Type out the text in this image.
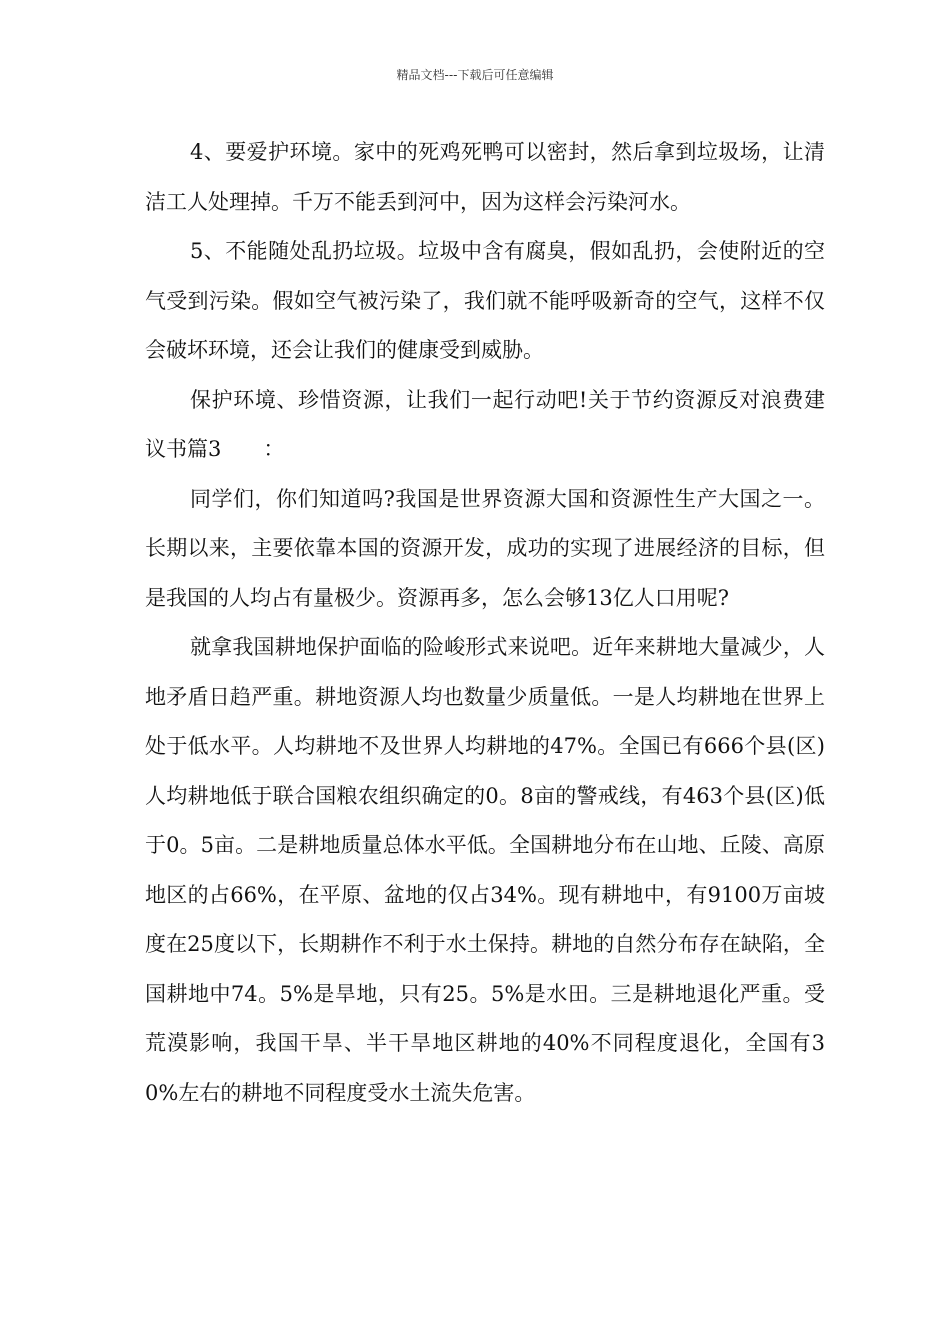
精品文档---下载后可任意编辑

4、要爱护环境。家中的死鸡死鸭可以密封，然后拿到垃圾场，让清洁工人处理掉。千万不能丢到河中，因为这样会污染河水。

5、不能随处乱扔垃圾。垃圾中含有腐臭，假如乱扔，会使附近的空气受到污染。假如空气被污染了，我们就不能呼吸新奇的空气，这样不仅会破坏环境，还会让我们的健康受到威胁。

保护环境、珍惜资源，让我们一起行动吧!关于节约资源反对浪费建议书篇3　　：

同学们，你们知道吗?我国是世界资源大国和资源性生产大国之一。长期以来，主要依靠本国的资源开发，成功的实现了进展经济的目标，但是我国的人均占有量极少。资源再多，怎么会够13亿人口用呢?

就拿我国耕地保护面临的险峻形式来说吧。近年来耕地大量减少，人地矛盾日趋严重。耕地资源人均也数量少质量低。一是人均耕地在世界上处于低水平。人均耕地不及世界人均耕地的47%。全国已有666个县(区)人均耕地低于联合国粮农组织确定的0。8亩的警戒线，有463个县(区)低于0。5亩。二是耕地质量总体水平低。全国耕地分布在山地、丘陵、高原地区的占66%，在平原、盆地的仅占34%。现有耕地中，有9100万亩坡度在25度以下，长期耕作不利于水土保持。耕地的自然分布存在缺陷，全国耕地中74。5%是旱地，只有25。5%是水田。三是耕地退化严重。受荒漠影响，我国干旱、半干旱地区耕地的40%不同程度退化，全国有30%左右的耕地不同程度受水土流失危害。
